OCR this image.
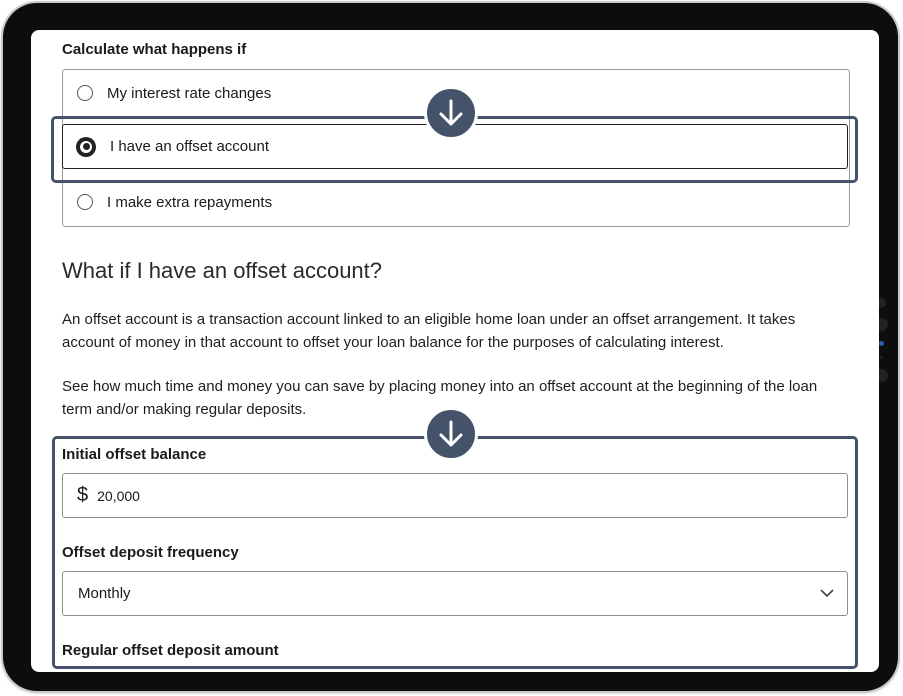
Calculate what happens if
My interest rate changes
I make extra repayments
I have an offset account
What if I have an offset account?

An offset account is a transaction account linked to an eligible home loan under an offset arrangement. It takes account of money in that account to offset your loan balance for the purposes of calculating interest.

See how much time and money you can save by placing money into an offset account at the beginning of the loan term and/or making regular deposits.

Initial offset balance
$ 20,000
Offset deposit frequency
Monthly
Regular offset deposit amount
